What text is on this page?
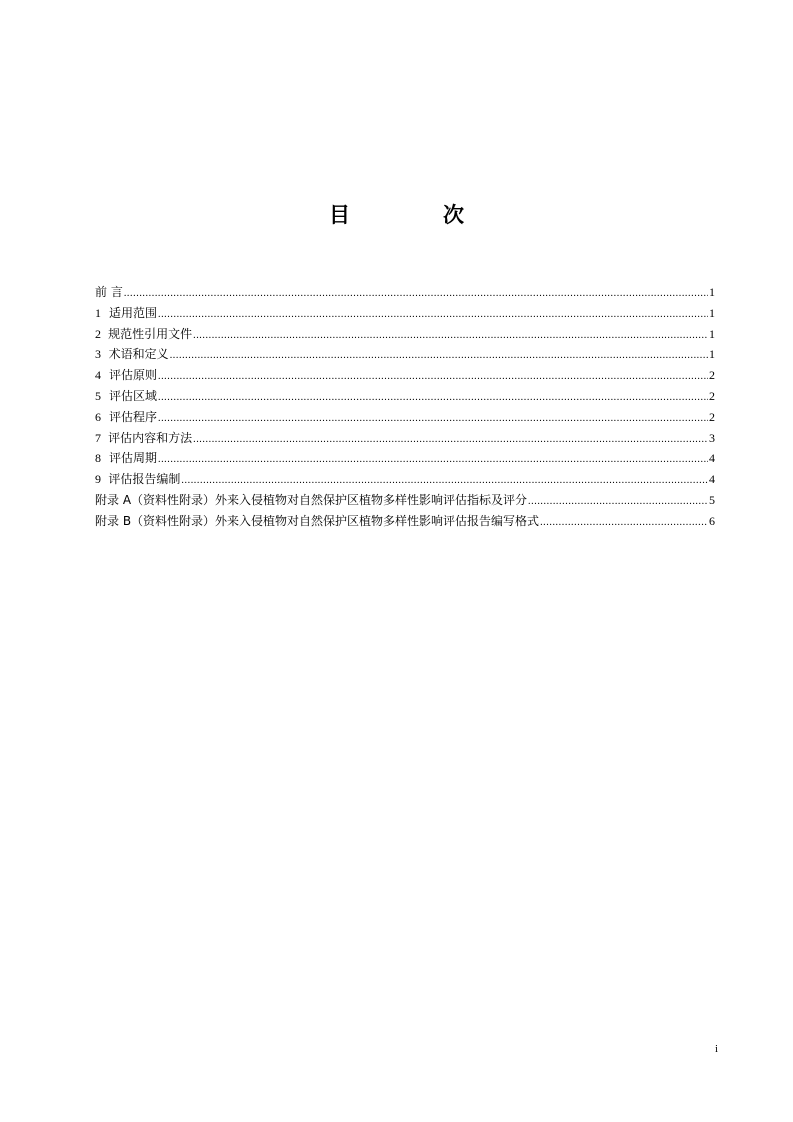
目　次
前 言 .....	1
1 适用范围 .....	1
2 规范性引用文件 .....	1
3 术语和定义 .....	1
4 评估原则 .....	2
5 评估区域 .....	2
6 评估程序 .....	2
7 评估内容和方法 .....	3
8 评估周期 .....	4
9 评估报告编制 .....	4
附录 A（资料性附录）外来入侵植物对自然保护区植物多样性影响评估指标及评分 .....	5
附录 B（资料性附录）外来入侵植物对自然保护区植物多样性影响评估报告编写格式 .....	6
i
